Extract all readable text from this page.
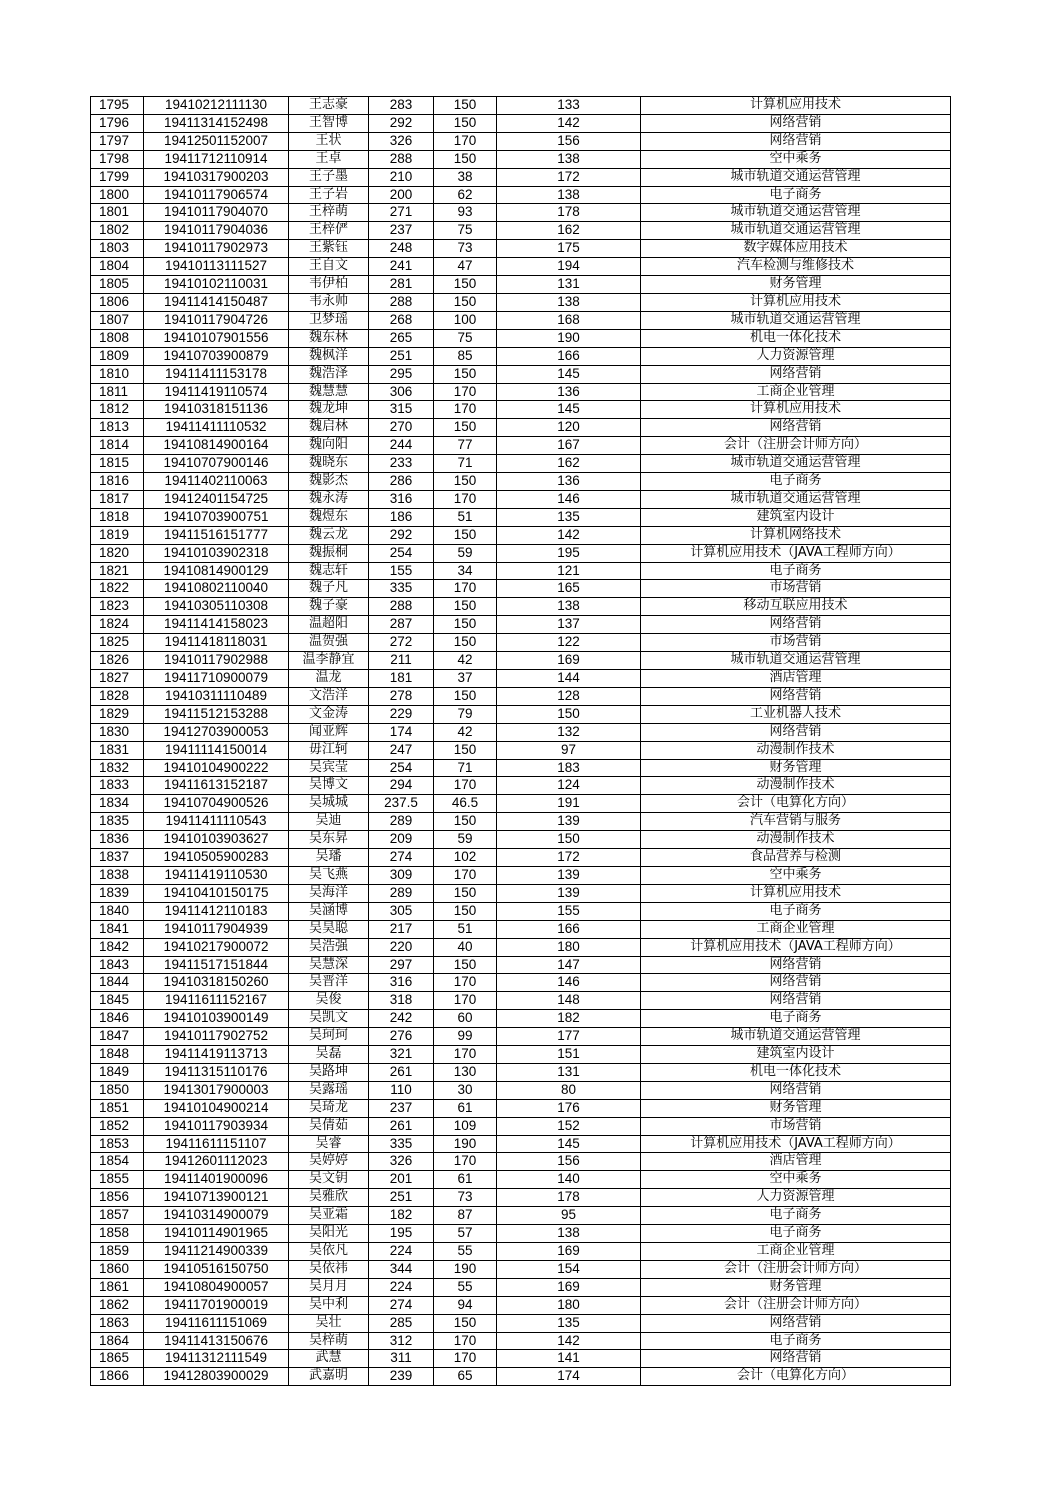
1795	19410212111130	王志豪	283	150	133	计算机应用技术
1796	19411314152498	王智博	292	150	142	网络营销
1797	19412501152007	王状	326	170	156	网络营销
1798	19411712110914	王卓	288	150	138	空中乘务
1799	19410317900203	王子墨	210	38	172	城市轨道交通运营管理
1800	19410117906574	王子岩	200	62	138	电子商务
1801	19410117904070	王梓萌	271	93	178	城市轨道交通运营管理
1802	19410117904036	王梓俨	237	75	162	城市轨道交通运营管理
1803	19410117902973	王紫钰	248	73	175	数字媒体应用技术
1804	19410113111527	王自文	241	47	194	汽车检测与维修技术
1805	19410102110031	韦伊柏	281	150	131	财务管理
1806	19411414150487	韦永帅	288	150	138	计算机应用技术
1807	19410117904726	卫梦瑶	268	100	168	城市轨道交通运营管理
1808	19410107901556	魏东林	265	75	190	机电一体化技术
1809	19410703900879	魏枫洋	251	85	166	人力资源管理
1810	19411411153178	魏浩泽	295	150	145	网络营销
1811	19411419110574	魏慧慧	306	170	136	工商企业管理
1812	19410318151136	魏龙坤	315	170	145	计算机应用技术
1813	19411411110532	魏启林	270	150	120	网络营销
1814	19410814900164	魏向阳	244	77	167	会计（注册会计师方向）
1815	19410707900146	魏晓东	233	71	162	城市轨道交通运营管理
1816	19411402110063	魏影杰	286	150	136	电子商务
1817	19412401154725	魏永涛	316	170	146	城市轨道交通运营管理
1818	19410703900751	魏煜东	186	51	135	建筑室内设计
1819	19411516151777	魏云龙	292	150	142	计算机网络技术
1820	19410103902318	魏振桐	254	59	195	计算机应用技术（JAVA工程师方向）
1821	19410814900129	魏志轩	155	34	121	电子商务
1822	19410802110040	魏子凡	335	170	165	市场营销
1823	19410305110308	魏子豪	288	150	138	移动互联应用技术
1824	19411414158023	温超阳	287	150	137	网络营销
1825	19411418118031	温贺强	272	150	122	市场营销
1826	19410117902988	温李静宜	211	42	169	城市轨道交通运营管理
1827	19411710900079	温龙	181	37	144	酒店管理
1828	19410311110489	文浩洋	278	150	128	网络营销
1829	19411512153288	文金涛	229	79	150	工业机器人技术
1830	19412703900053	闻亚辉	174	42	132	网络营销
1831	19411114150014	毋江轲	247	150	97	动漫制作技术
1832	19410104900222	吴宾莹	254	71	183	财务管理
1833	19411613152187	吴博文	294	170	124	动漫制作技术
1834	19410704900526	吴城城	237.5	46.5	191	会计（电算化方向）
1835	19411411110543	吴迪	289	150	139	汽车营销与服务
1836	19410103903627	吴东昇	209	59	150	动漫制作技术
1837	19410505900283	吴璠	274	102	172	食品营养与检测
1838	19411419110530	吴飞燕	309	170	139	空中乘务
1839	19410410150175	吴海洋	289	150	139	计算机应用技术
1840	19411412110183	吴涵博	305	150	155	电子商务
1841	19410117904939	吴昊聪	217	51	166	工商企业管理
1842	19410217900072	吴浩强	220	40	180	计算机应用技术（JAVA工程师方向）
1843	19411517151844	吴慧深	297	150	147	网络营销
1844	19410318150260	吴晋洋	316	170	146	网络营销
1845	19411611152167	吴俊	318	170	148	网络营销
1846	19410103900149	吴凯文	242	60	182	电子商务
1847	19410117902752	吴珂珂	276	99	177	城市轨道交通运营管理
1848	19411419113713	吴磊	321	170	151	建筑室内设计
1849	19411315110176	吴路坤	261	130	131	机电一体化技术
1850	19413017900003	吴露瑶	110	30	80	网络营销
1851	19410104900214	吴琦龙	237	61	176	财务管理
1852	19410117903934	吴倩茹	261	109	152	市场营销
1853	19411611151107	吴睿	335	190	145	计算机应用技术（JAVA工程师方向）
1854	19412601112023	吴婷婷	326	170	156	酒店管理
1855	19411401900096	吴文钥	201	61	140	空中乘务
1856	19410713900121	吴雅欣	251	73	178	人力资源管理
1857	19410314900079	吴亚霜	182	87	95	电子商务
1858	19410114901965	吴阳光	195	57	138	电子商务
1859	19411214900339	吴依凡	224	55	169	工商企业管理
1860	19410516150750	吴依祎	344	190	154	会计（注册会计师方向）
1861	19410804900057	吴月月	224	55	169	财务管理
1862	19411701900019	吴中利	274	94	180	会计（注册会计师方向）
1863	19411611151069	吴壮	285	150	135	网络营销
1864	19411413150676	吴梓萌	312	170	142	电子商务
1865	19411312111549	武慧	311	170	141	网络营销
1866	19412803900029	武嘉明	239	65	174	会计（电算化方向）
